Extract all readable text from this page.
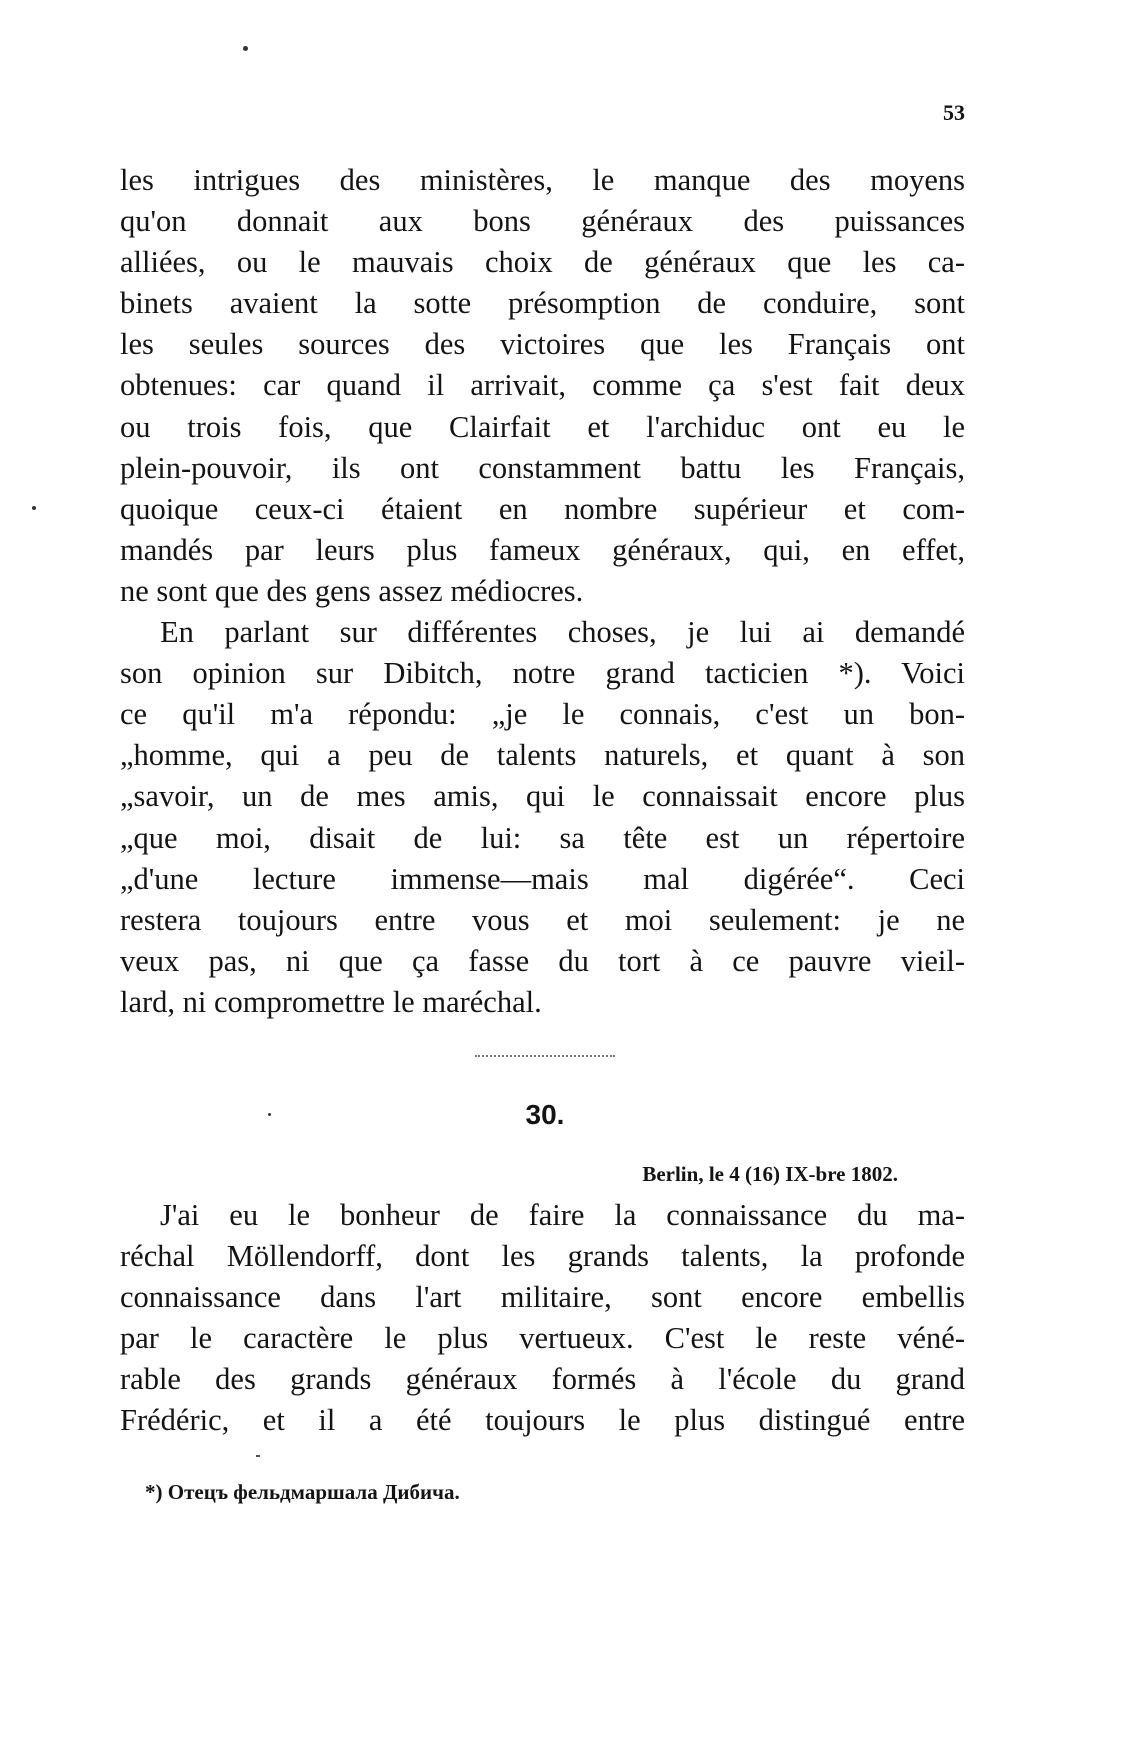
53
les intrigues des ministères, le manque des moyens
qu'on donnait aux bons généraux des puissances
alliées, ou le mauvais choix de généraux que les ca-
binets avaient la sotte présomption de conduire, sont
les seules sources des victoires que les Français ont
obtenues: car quand il arrivait, comme ça s'est fait deux
ou trois fois, que Clairfait et l'archiduc ont eu le
plein-pouvoir, ils ont constamment battu les Français,
quoique ceux-ci étaient en nombre supérieur et com-
mandés par leurs plus fameux généraux, qui, en effet,
ne sont que des gens assez médiocres.
En parlant sur différentes choses, je lui ai demandé
son opinion sur Dibitch, notre grand tacticien *). Voici
ce qu'il m'a répondu: „je le connais, c'est un bon-
„homme, qui a peu de talents naturels, et quant à son
„savoir, un de mes amis, qui le connaissait encore plus
„que moi, disait de lui: sa tête est un répertoire
„d'une lecture immense—mais mal digérée“. Ceci
restera toujours entre vous et moi seulement: je ne
veux pas, ni que ça fasse du tort à ce pauvre vieil-
lard, ni compromettre le maréchal.
30.
Berlin, le 4 (16) IX-bre 1802.
J'ai eu le bonheur de faire la connaissance du ma-
réchal Möllendorff, dont les grands talents, la profonde
connaissance dans l'art militaire, sont encore embellis
par le caractère le plus vertueux. C'est le reste véné-
rable des grands généraux formés à l'école du grand
Frédéric, et il a été toujours le plus distingué entre
*) Отецъ фельдмаршала Дибича.
